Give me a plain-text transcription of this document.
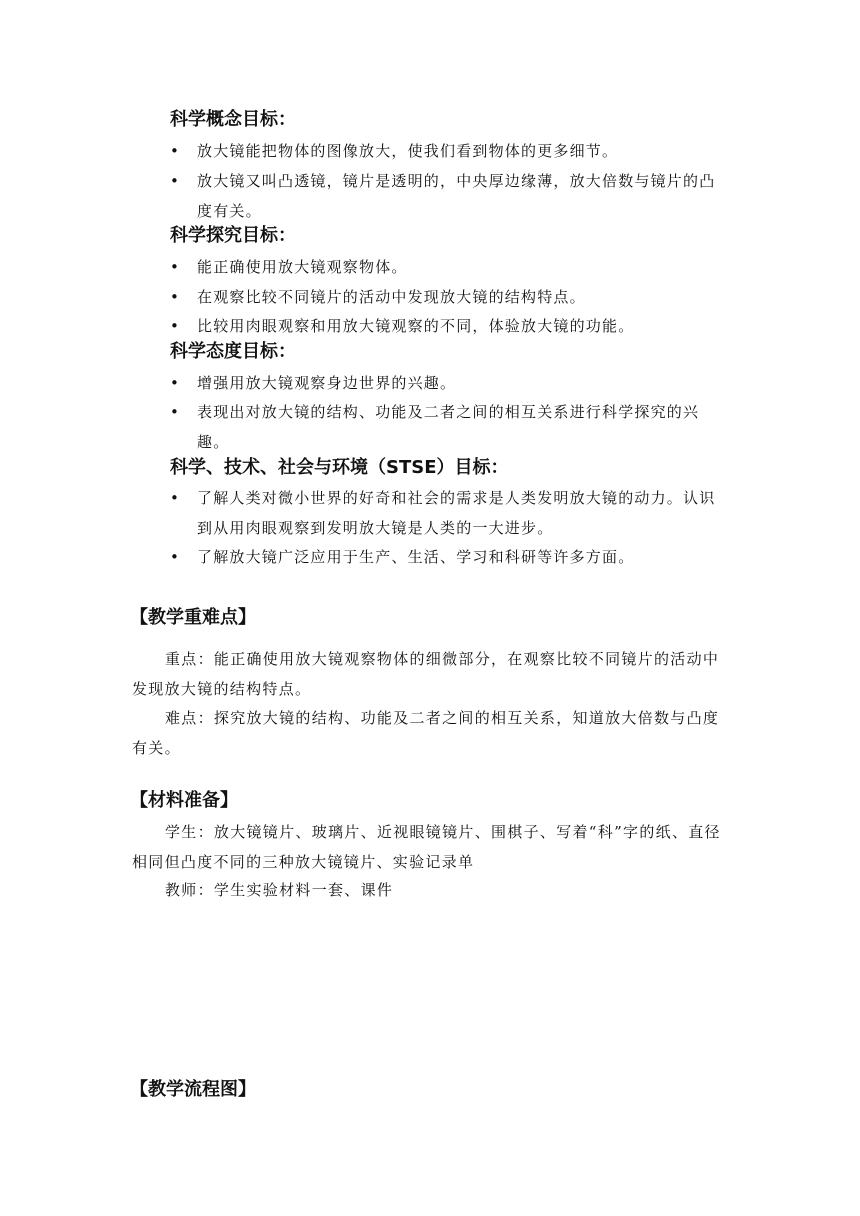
科学概念目标：
• 放大镜能把物体的图像放大，使我们看到物体的更多细节。
• 放大镜又叫凸透镜，镜片是透明的，中央厚边缘薄，放大倍数与镜片的凸度有关。
科学探究目标：
• 能正确使用放大镜观察物体。
• 在观察比较不同镜片的活动中发现放大镜的结构特点。
• 比较用肉眼观察和用放大镜观察的不同，体验放大镜的功能。
科学态度目标：
• 增强用放大镜观察身边世界的兴趣。
• 表现出对放大镜的结构、功能及二者之间的相互关系进行科学探究的兴趣。
科学、技术、社会与环境（STSE）目标：
• 了解人类对微小世界的好奇和社会的需求是人类发明放大镜的动力。认识到从用肉眼观察到发明放大镜是人类的一大进步。
• 了解放大镜广泛应用于生产、生活、学习和科研等许多方面。
【教学重难点】
重点：能正确使用放大镜观察物体的细微部分，在观察比较不同镜片的活动中发现放大镜的结构特点。
难点：探究放大镜的结构、功能及二者之间的相互关系，知道放大倍数与凸度有关。
【材料准备】
学生：放大镜镜片、玻璃片、近视眼镜镜片、围棋子、写着“科”字的纸、直径相同但凸度不同的三种放大镜镜片、实验记录单
教师：学生实验材料一套、课件
【教学流程图】
